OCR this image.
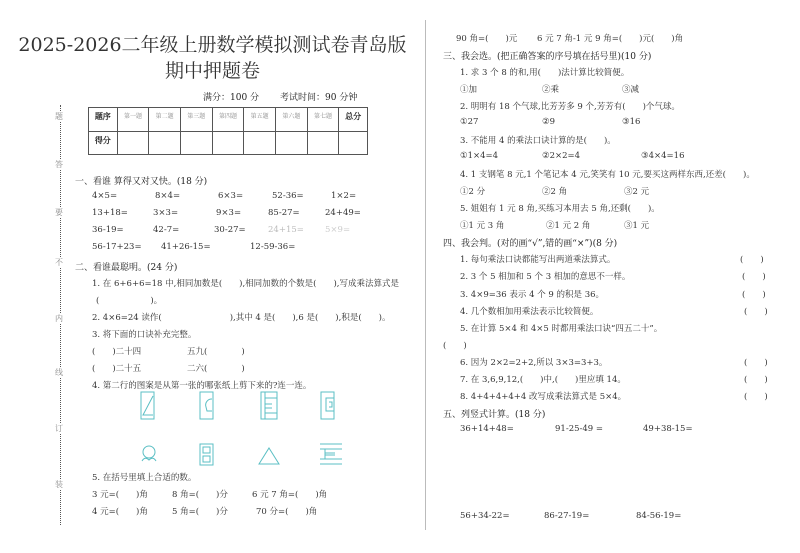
2025-2026二年级上册数学模拟测试卷青岛版
期中押题卷
满分：100 分 考试时间：90 分钟
题
答
要
不
内
线
订
装
题序	第一题	第二题	第三题	第四题	第五题	第六题	第七题	总分
得分								
一、看谁 算得又对又快。(18 分)
4×5=	8×4=	6×3=	52-36=	1×2=
13+18=	3×3=	9×3=	85-27=	24+49=
36-19=	42-7=	30-27=	24+15= 5×9=
56-17+23= 41+26-15=	12-59-36=
二、看谁最聪明。(24 分)
1. 在 6+6+6=18 中,相同加数是(　　),相同加数的个数是(　　),写成乘法算式是
(　　　　　　)。
2. 4×6=24 读作(　　　　　　　　),其中 4 是(　　),6 是(　　),积是(　　)。
3. 将下面的口诀补充完整。
(　　)二十四	五九(　　　　)
(　　)二十五	二六(　　　　)
4. 第二行的图案是从第一张的哪张纸上剪下来的?连一连。
5. 在括号里填上合适的数。
3 元=(　　)角	8 角=(　　)分	6 元 7 角=(　　)角
4 元=(　　)角	5 角=(　　)分	70 分=(　　)角
90 角=(　　)元 6 元 7 角-1 元 9 角=(　　)元(　　)角
三、我会选。(把正确答案的序号填在括号里)(10 分)
1. 求 3 个 8 的和,用(　　)法计算比较简便。
①加	②乘	③减
2. 明明有 18 个气球,比芳芳多 9 个,芳芳有(　　)个气球。
①27	②9	③16
3. 不能用 4 的乘法口诀计算的是(　　)。
①1×4=4	②2×2=4	③4×4=16
4. 1 支钢笔 8 元,1 个笔记本 4 元,笑笑有 10 元,要买这两样东西,还差(　　)。
①2 分	②2 角	③2 元
5. 姐姐有 1 元 8 角,买练习本用去 5 角,还剩(　　)。
①1 元 3 角	②1 元 2 角	③1 元
四、我会判。(对的画“√”,错的画“×”)(8 分)
1. 每句乘法口诀都能写出两道乘法算式。	(　　)
2. 3 个 5 相加和 5 个 3 相加的意思不一样。	(　　)
3. 4×9=36 表示 4 个 9 的积是 36。	(　　)
4. 几个数相加用乘法表示比较简便。	(　　)
5. 在计算 5×4 和 4×5 时都用乘法口诀“四五二十”。
(　　)
6. 因为 2×2=2+2,所以 3×3=3+3。	(　　)
7. 在 3,6,9,12,(　　)中,(　　)里应填 14。	(　　)
8. 4+4+4+4+4 改写成乘法算式是 5×4。	(　　)
五、列竖式计算。(18 分)
36+14+48=	91-25-49 =	49+38-15=
56+34-22=	86-27-19=	84-56-19=
